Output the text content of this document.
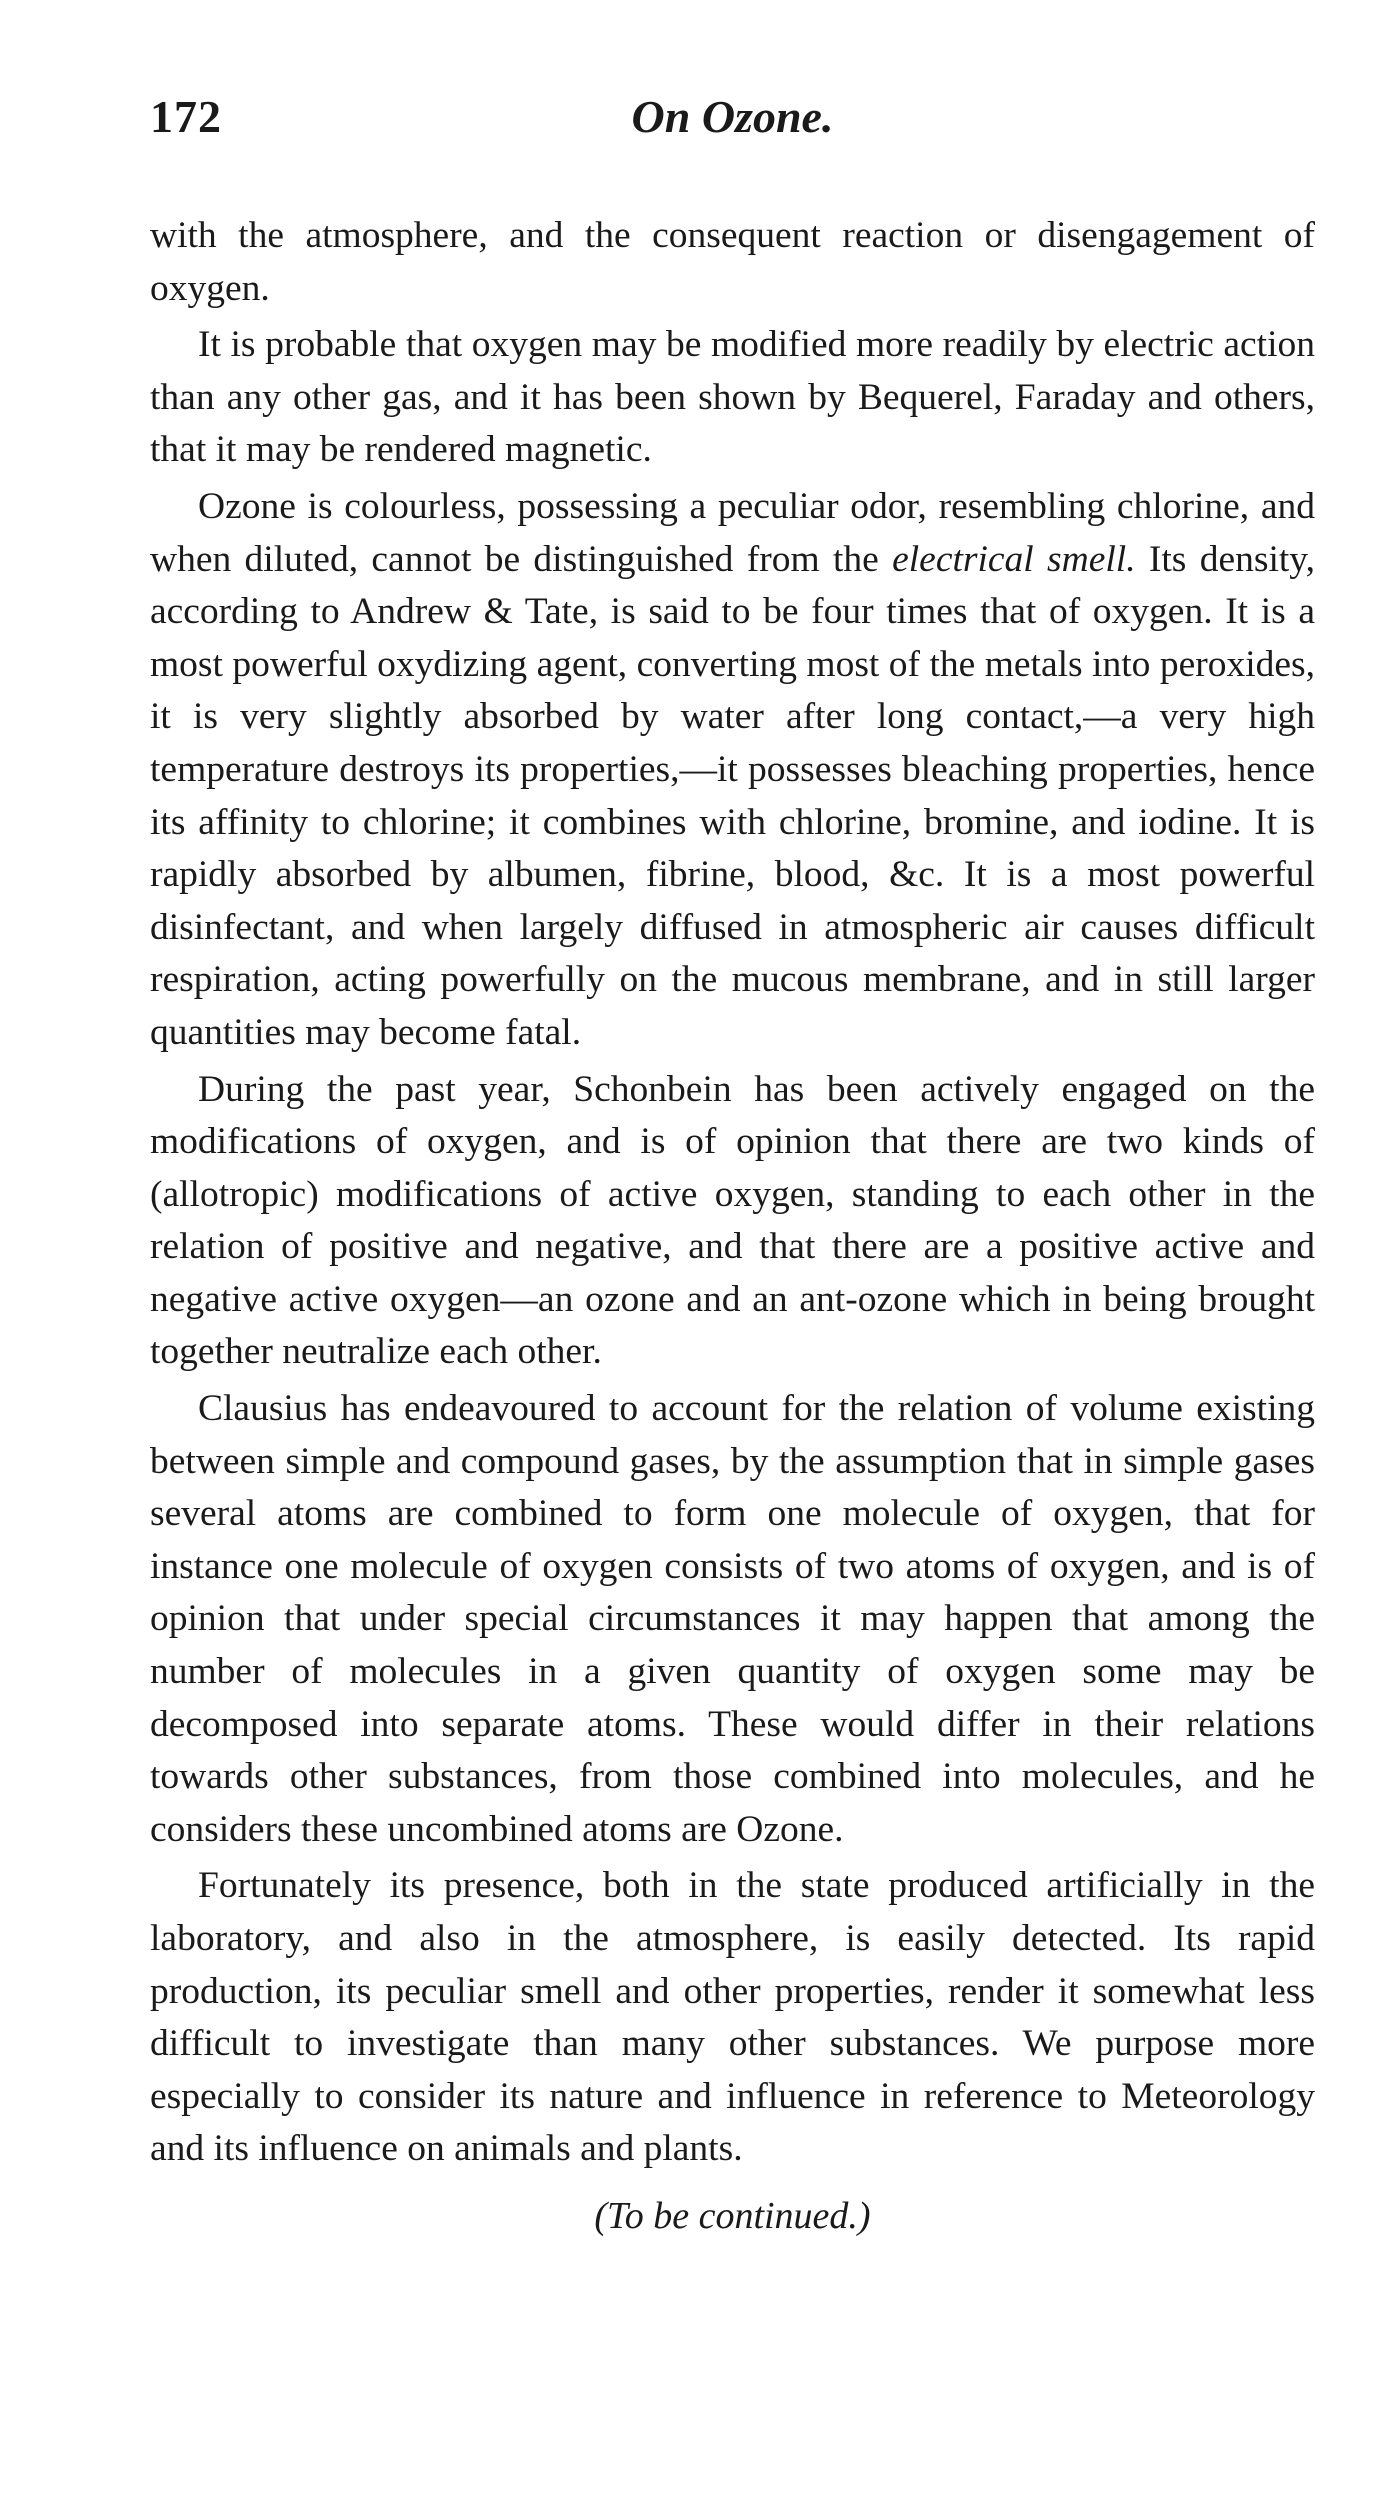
172	On Ozone.

with the atmosphere, and the consequent reaction or disengagement of oxygen.

It is probable that oxygen may be modified more readily by electric action than any other gas, and it has been shown by Bequerel, Faraday and others, that it may be rendered magnetic.

Ozone is colourless, possessing a peculiar odor, resembling chlorine, and when diluted, cannot be distinguished from the electrical smell. Its density, according to Andrew & Tate, is said to be four times that of oxygen. It is a most powerful oxydizing agent, converting most of the metals into peroxides, it is very slightly absorbed by water after long contact,—a very high temperature destroys its properties,—it possesses bleaching properties, hence its affinity to chlorine; it combines with chlorine, bromine, and iodine. It is rapidly absorbed by albumen, fibrine, blood, &c. It is a most powerful disinfectant, and when largely diffused in atmospheric air causes difficult respiration, acting powerfully on the mucous membrane, and in still larger quantities may become fatal.

During the past year, Schonbein has been actively engaged on the modifications of oxygen, and is of opinion that there are two kinds of (allotropic) modifications of active oxygen, standing to each other in the relation of positive and negative, and that there are a positive active and negative active oxygen—an ozone and an ant-ozone which in being brought together neutralize each other.

Clausius has endeavoured to account for the relation of volume existing between simple and compound gases, by the assumption that in simple gases several atoms are combined to form one molecule of oxygen, that for instance one molecule of oxygen consists of two atoms of oxygen, and is of opinion that under special circumstances it may happen that among the number of molecules in a given quantity of oxygen some may be decomposed into separate atoms. These would differ in their relations towards other substances, from those combined into molecules, and he considers these uncombined atoms are Ozone.

Fortunately its presence, both in the state produced artificially in the laboratory, and also in the atmosphere, is easily detected. Its rapid production, its peculiar smell and other properties, render it somewhat less difficult to investigate than many other substances. We purpose more especially to consider its nature and influence in reference to Meteorology and its influence on animals and plants.

(To be continued.)
